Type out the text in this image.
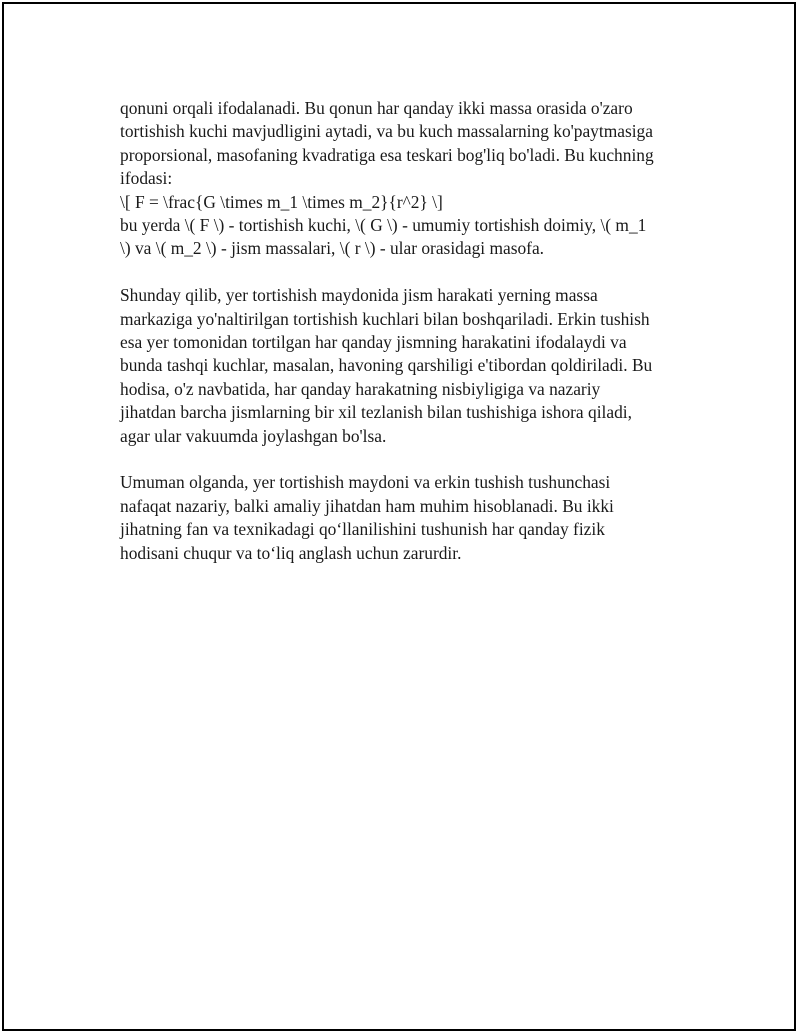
qonuni orqali ifodalanadi. Bu qonun har qanday ikki massa orasida o'zaro
tortishish kuchi mavjudligini aytadi, va bu kuch massalarning ko'paytmasiga
proporsional, masofaning kvadratiga esa teskari bog'liq bo'ladi. Bu kuchning
ifodasi:
\[ F = \frac{G \times m_1 \times m_2}{r^2} \]
bu yerda \( F \) - tortishish kuchi, \( G \) - umumiy tortishish doimiy, \( m_1
\) va \( m_2 \) - jism massalari, \( r \) - ular orasidagi masofa.

Shunday qilib, yer tortishish maydonida jism harakati yerning massa
markaziga yo'naltirilgan tortishish kuchlari bilan boshqariladi. Erkin tushish
esa yer tomonidan tortilgan har qanday jismning harakatini ifodalaydi va
bunda tashqi kuchlar, masalan, havoning qarshiligi e'tibordan qoldiriladi. Bu
hodisa, o'z navbatida, har qanday harakatning nisbiyligiga va nazariy
jihatdan barcha jismlarning bir xil tezlanish bilan tushishiga ishora qiladi,
agar ular vakuumda joylashgan bo'lsa.

Umuman olganda, yer tortishish maydoni va erkin tushish tushunchasi
nafaqat nazariy, balki amaliy jihatdan ham muhim hisoblanadi. Bu ikki
jihatning fan va texnikadagi qo‘llanilishini tushunish har qanday fizik
hodisani chuqur va to‘liq anglash uchun zarurdir.
